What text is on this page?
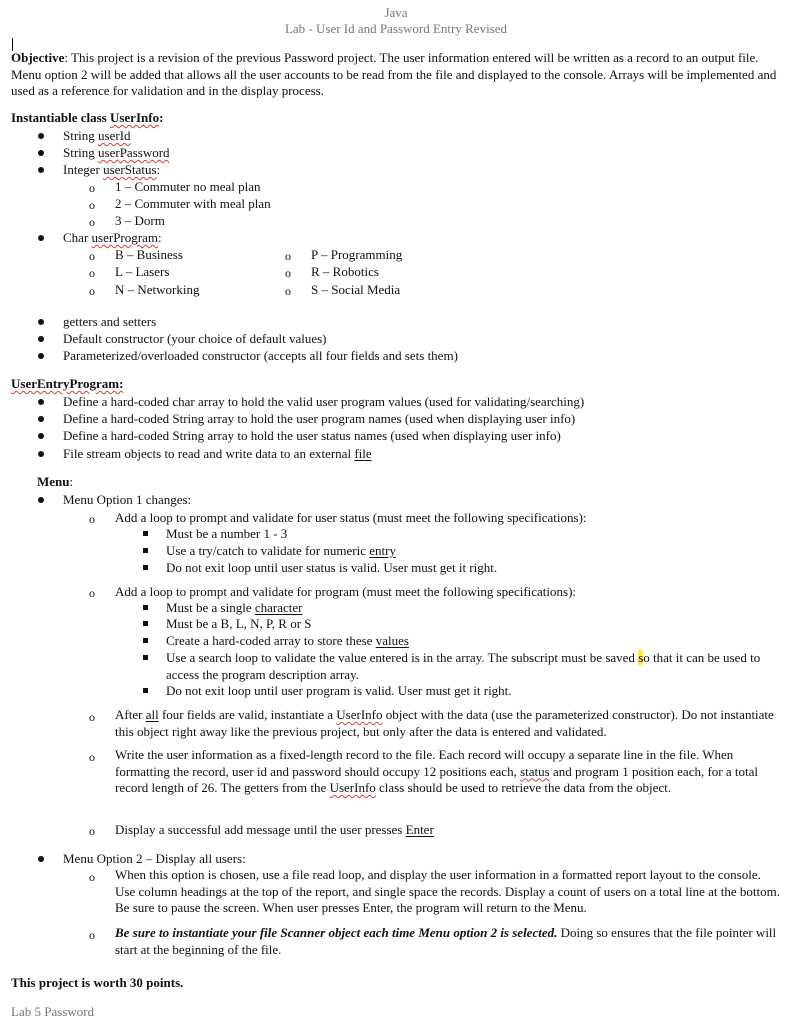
Java
Lab - User Id and Password Entry Revised
Objective: This project is a revision of the previous Password project. The user information entered will be written as a record to an output file. Menu option 2 will be added that allows all the user accounts to be read from the file and displayed to the console. Arrays will be implemented and used as a reference for validation and in the display process.
Instantiable class UserInfo:
String userId
String userPassword
Integer userStatus:
o 1 – Commuter no meal plan
o 2 – Commuter with meal plan
o 3 – Dorm
Char userProgram:
o B – Business
o L – Lasers
o N – Networking
o P – Programming
o R – Robotics
o S – Social Media
getters and setters
Default constructor (your choice of default values)
Parameterized/overloaded constructor (accepts all four fields and sets them)
UserEntryProgram:
Define a hard-coded char array to hold the valid user program values (used for validating/searching)
Define a hard-coded String array to hold the user program names (used when displaying user info)
Define a hard-coded String array to hold the user status names (used when displaying user info)
File stream objects to read and write data to an external file
Menu:
Menu Option 1 changes:
o Add a loop to prompt and validate for user status (must meet the following specifications):
Must be a number 1 - 3
Use a try/catch to validate for numeric entry
Do not exit loop until user status is valid. User must get it right.
o Add a loop to prompt and validate for program (must meet the following specifications):
Must be a single character
Must be a B, L, N, P, R or S
Create a hard-coded array to store these values
Use a search loop to validate the value entered is in the array. The subscript must be saved so that it can be used to access the program description array.
Do not exit loop until user program is valid. User must get it right.
o After all four fields are valid, instantiate a UserInfo object with the data (use the parameterized constructor). Do not instantiate this object right away like the previous project, but only after the data is entered and validated.
o Write the user information as a fixed-length record to the file. Each record will occupy a separate line in the file. When formatting the record, user id and password should occupy 12 positions each, status and program 1 position each, for a total record length of 26. The getters from the UserInfo class should be used to retrieve the data from the object.
o Display a successful add message until the user presses Enter
Menu Option 2 – Display all users:
o When this option is chosen, use a file read loop, and display the user information in a formatted report layout to the console. Use column headings at the top of the report, and single space the records. Display a count of users on a total line at the bottom. Be sure to pause the screen. When user presses Enter, the program will return to the Menu.
o Be sure to instantiate your file Scanner object each time Menu option 2 is selected. Doing so ensures that the file pointer will start at the beginning of the file.
This project is worth 30 points.
Lab 5 Password
